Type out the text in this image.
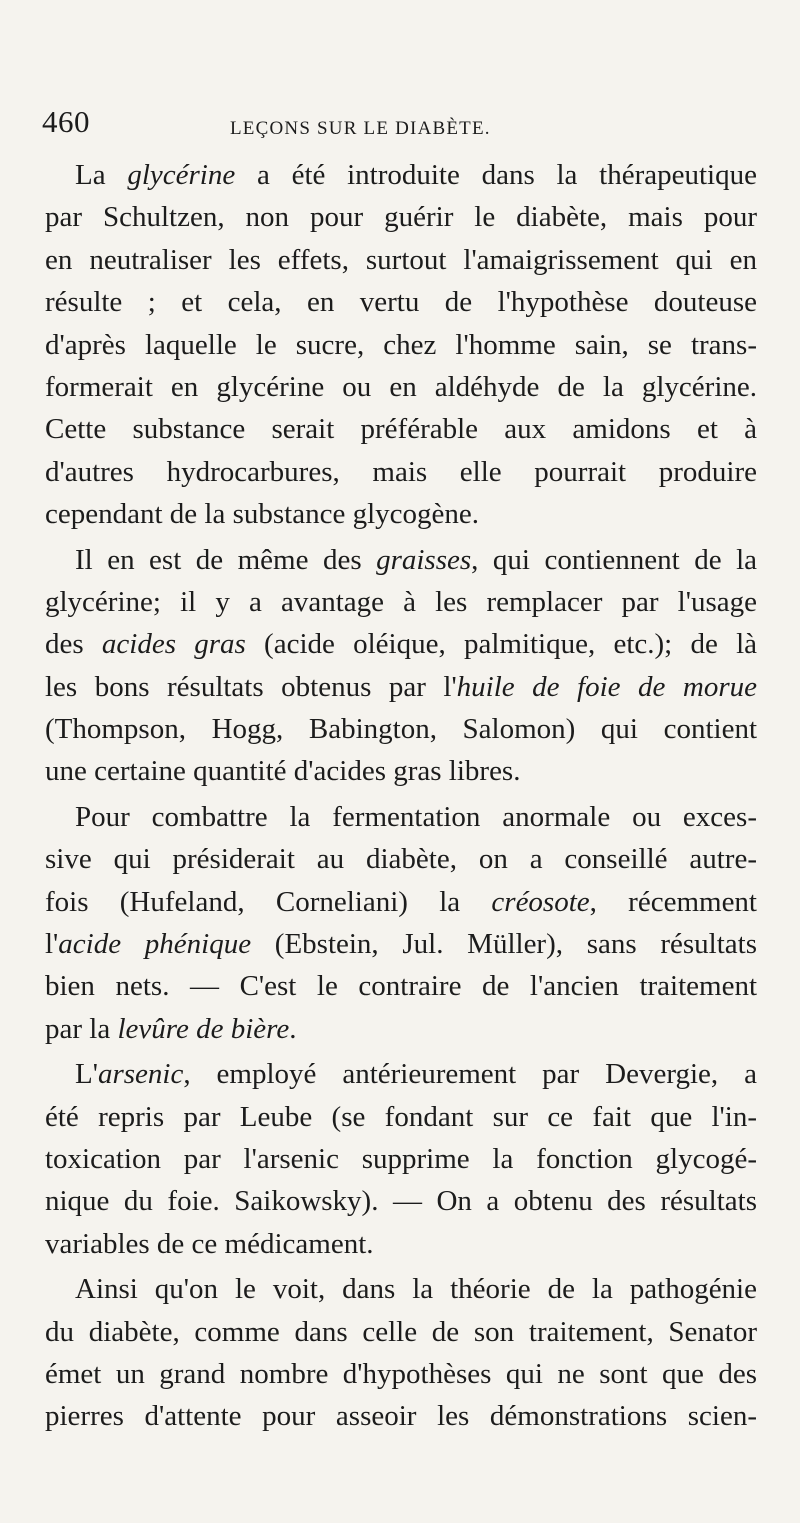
460	LEÇONS SUR LE DIABÈTE.
La glycérine a été introduite dans la thérapeutique
par Schultzen, non pour guérir le diabète, mais pour
en neutraliser les effets, surtout l'amaigrissement qui en
résulte ; et cela, en vertu de l'hypothèse douteuse
d'après laquelle le sucre, chez l'homme sain, se trans-
formerait en glycérine ou en aldéhyde de la glycérine.
Cette substance serait préférable aux amidons et à
d'autres hydrocarbures, mais elle pourrait produire
cependant de la substance glycogène.
Il en est de même des graisses, qui contiennent de la
glycérine; il y a avantage à les remplacer par l'usage
des acides gras (acide oléique, palmitique, etc.); de là
les bons résultats obtenus par l'huile de foie de morue
(Thompson, Hogg, Babington, Salomon) qui contient
une certaine quantité d'acides gras libres.
Pour combattre la fermentation anormale ou exces-
sive qui présiderait au diabète, on a conseillé autre-
fois (Hufeland, Corneliani) la créosote, récemment
l'acide phénique (Ebstein, Jul. Müller), sans résultats
bien nets. — C'est le contraire de l'ancien traitement
par la levûre de bière.
L'arsenic, employé antérieurement par Devergie, a
été repris par Leube (se fondant sur ce fait que l'in-
toxication par l'arsenic supprime la fonction glycogé-
nique du foie. Saikowsky). — On a obtenu des résultats
variables de ce médicament.
Ainsi qu'on le voit, dans la théorie de la pathogénie
du diabète, comme dans celle de son traitement, Senator
émet un grand nombre d'hypothèses qui ne sont que des
pierres d'attente pour asseoir les démonstrations scien-
